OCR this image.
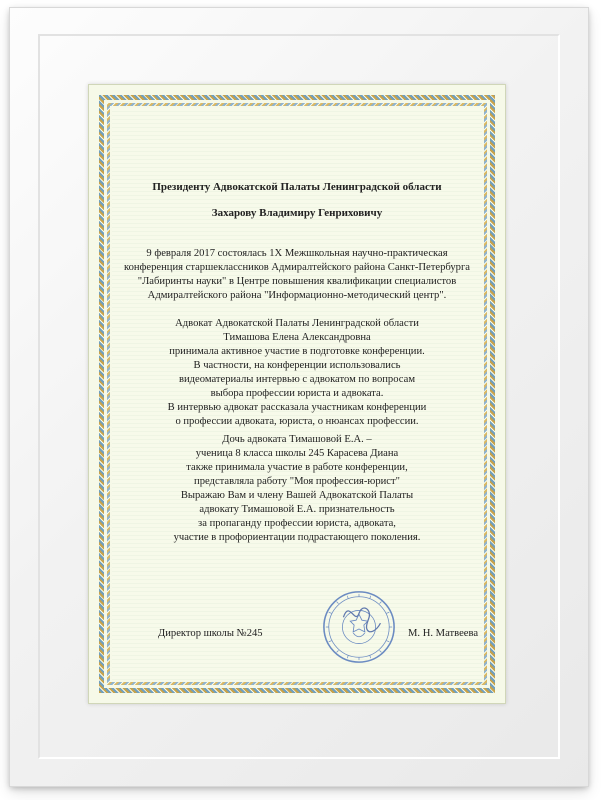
Президенту Адвокатской Палаты Ленинградской области
Захарову Владимиру Генриховичу
9 февраля 2017 состоялась 1Х Межшкольная научно-практическая
конференция старшеклассников Адмиралтейского района Санкт-Петербурга
"Лабиринты науки" в Центре повышения квалификации специалистов
Адмиралтейского района "Информационно-методический центр".
Адвокат Адвокатской Палаты Ленинградской области
Тимашова Елена Александровна
принимала активное участие в подготовке конференции.
В частности, на конференции использовались
видеоматериалы интервью с адвокатом по вопросам
выбора профессии юриста и адвоката.
В интервью адвокат рассказала участникам конференции
о профессии адвоката, юриста, о нюансах профессии.
Дочь адвоката Тимашовой Е.А. –
ученица 8 класса школы 245 Карасева Диана
также принимала участие в работе конференции,
представляла работу "Моя профессия-юрист"
Выражаю Вам и члену Вашей Адвокатской Палаты
адвокату Тимашовой Е.А. признательность
за пропаганду профессии юриста, адвоката,
участие в профориентации подрастающего поколения.
Директор школы №245	М. Н. Матвеева
